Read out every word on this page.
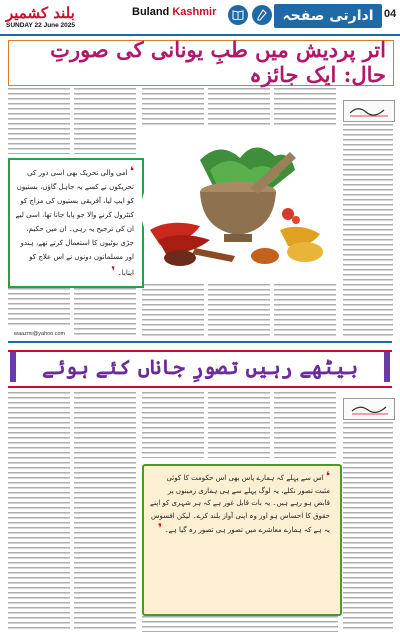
بلند کشمیر
SUNDAY 22 June 2025
Buland Kashmir	ادارتی صفحہ 04
اتر پردیش میں طبِ یونانی کی صورتِ حال: ایک جائزہ
❛ امی والی تحریک بھی اسی دور کی تحریکوں نے کسے بہ جاہل گاؤں، بستیوں کو ایپ لیا، آفریقی بستیوں کی مزاج کو کنٹرول کرنے والا جو پایا جاتا تھا، اسی لیے ان کی ترجیح یہ رہی۔ ان میں حکیم، جڑی بوٹیوں کا استعمال کرتے تھے، ہندو اور مسلمانوں دونوں نے اس علاج کو اپنایا۔ ❜
waazmi@yahoo.com
بیٹھے رہیں تصورِ جاناں کئے ہوئے
❛ اس سے پہلے کہ ہمارے پاس بھی اس حکومت کا کوئی مثبت تصور نکلے، یہ لوگ پہلے سے ہی ہماری زمینوں پر قابض ہو رہے ہیں۔ یہ بات قابل غور ہے کہ ہر شہری کو اپنے حقوق کا احساس ہو اور وہ اپنی آواز بلند کرے۔ لیکن افسوس یہ ہے کہ ہمارے معاشرے میں تصور ہی تصور رہ گیا ہے۔ ❜
